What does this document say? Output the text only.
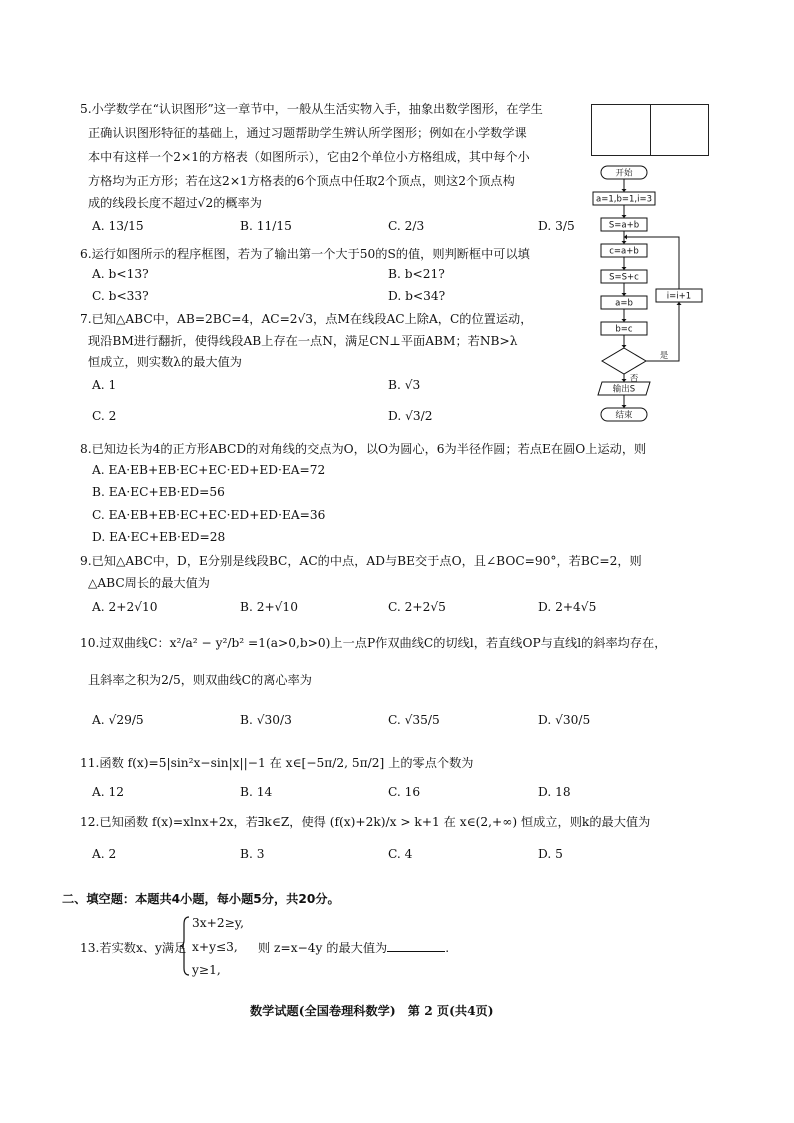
5.小学数学在“认识图形”这一章节中，一般从生活实物入手，抽象出数学图形，在学生
正确认识图形特征的基础上，通过习题帮助学生辨认所学图形；例如在小学数学课
本中有这样一个2×1的方格表（如图所示），它由2个单位小方格组成，其中每个小
方格均为正方形；若在这2×1方格表的6个顶点中任取2个顶点，则这2个顶点构
成的线段长度不超过√2的概率为
A. 13/15	B. 11/15	C. 2/3	D. 3/5
6.运行如图所示的程序框图，若为了输出第一个大于50的S的值，则判断框中可以填
A. b<13?	B. b<21?
C. b<33?	D. b<34?
7.已知△ABC中，AB=2BC=4，AC=2√3，点M在线段AC上除A，C的位置运动，
现沿BM进行翻折，使得线段AB上存在一点N，满足CN⊥平面ABM；若NB>λ
恒成立，则实数λ的最大值为
A. 1	B. √3
C. 2	D. √3/2
8.已知边长为4的正方形ABCD的对角线的交点为O，以O为圆心，6为半径作圆；若点E在圆O上运动，则
A. EA·EB+EB·EC+EC·ED+ED·EA=72
B. EA·EC+EB·ED=56
C. EA·EB+EB·EC+EC·ED+ED·EA=36
D. EA·EC+EB·ED=28
9.已知△ABC中，D，E分别是线段BC，AC的中点，AD与BE交于点O，且∠BOC=90°，若BC=2，则
△ABC周长的最大值为
A. 2+2√10	B. 2+√10	C. 2+2√5	D. 2+4√5
10.过双曲线C：x²/a² − y²/b² =1(a>0,b>0)上一点P作双曲线C的切线l，若直线OP与直线l的斜率均存在，
且斜率之积为2/5，则双曲线C的离心率为
A. √29/5	B. √30/3	C. √35/5	D. √30/5
11.函数 f(x)=5|sin²x−sin|x||−1 在 x∈[−5π/2, 5π/2] 上的零点个数为
A. 12	B. 14	C. 16	D. 18
12.已知函数 f(x)=xlnx+2x，若∃k∈Z，使得 (f(x)+2k)/x > k+1 在 x∈(2,+∞) 恒成立，则k的最大值为
A. 2	B. 3	C. 4	D. 5
二、填空题：本题共4小题，每小题5分，共20分。
13.若实数x、y满足
3x+2≥y,
x+y≤3,
y≥1,
则 z=x−4y 的最大值为	.
数学试题(全国卷理科数学)　第 2 页(共4页)
开始
a=1,b=1,i=3
S=a+b
c=a+b
S=S+c
a=b
b=c
i=i+1
输出S
结束
是
否
